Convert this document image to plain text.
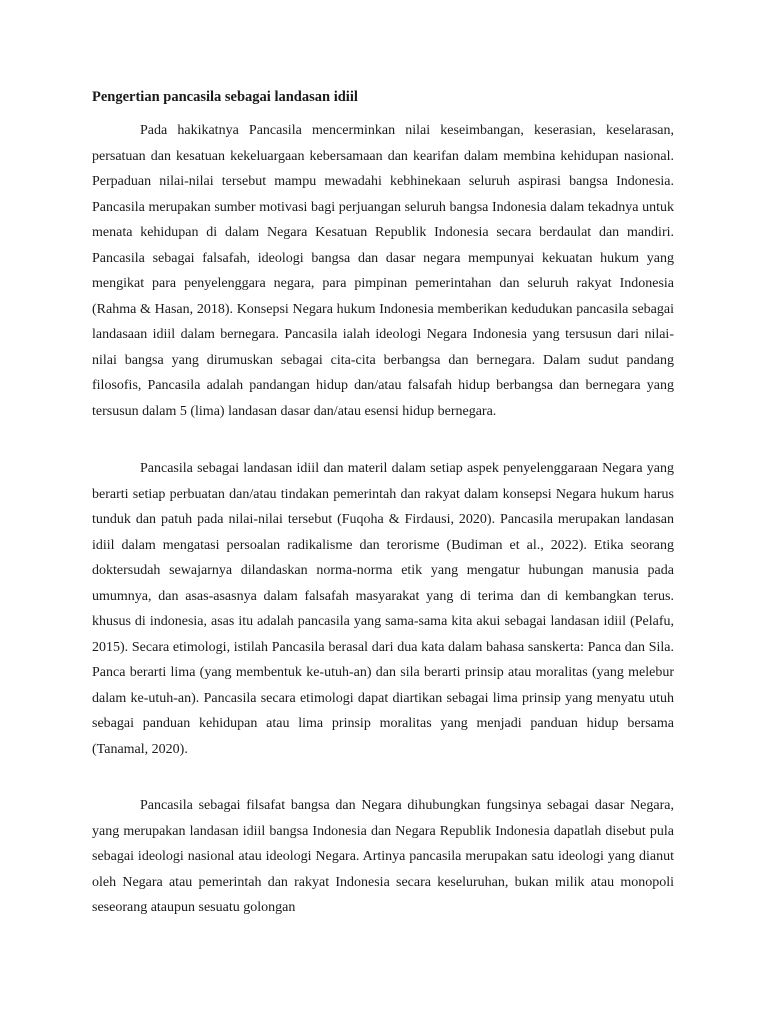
Pengertian pancasila sebagai landasan idiil

Pada hakikatnya Pancasila mencerminkan nilai keseimbangan, keserasian, keselarasan, persatuan dan kesatuan kekeluargaan kebersamaan dan kearifan dalam membina kehidupan nasional. Perpaduan nilai-nilai tersebut mampu mewadahi kebhinekaan seluruh aspirasi bangsa Indonesia. Pancasila merupakan sumber motivasi bagi perjuangan seluruh bangsa Indonesia dalam tekadnya untuk menata kehidupan di dalam Negara Kesatuan Republik Indonesia secara berdaulat dan mandiri. Pancasila sebagai falsafah, ideologi bangsa dan dasar negara mempunyai kekuatan hukum yang mengikat para penyelenggara negara, para pimpinan pemerintahan dan seluruh rakyat Indonesia (Rahma & Hasan, 2018). Konsepsi Negara hukum Indonesia memberikan kedudukan pancasila sebagai landasaan idiil dalam bernegara. Pancasila ialah ideologi Negara Indonesia yang tersusun dari nilai-nilai bangsa yang dirumuskan sebagai cita-cita berbangsa dan bernegara. Dalam sudut pandang filosofis, Pancasila adalah pandangan hidup dan/atau falsafah hidup berbangsa dan bernegara yang tersusun dalam 5 (lima) landasan dasar dan/atau esensi hidup bernegara.

Pancasila sebagai landasan idiil dan materil dalam setiap aspek penyelenggaraan Negara yang berarti setiap perbuatan dan/atau tindakan pemerintah dan rakyat dalam konsepsi Negara hukum harus tunduk dan patuh pada nilai-nilai tersebut (Fuqoha & Firdausi, 2020). Pancasila merupakan landasan idiil dalam mengatasi persoalan radikalisme dan terorisme (Budiman et al., 2022). Etika seorang doktersudah sewajarnya dilandaskan norma-norma etik yang mengatur hubungan manusia pada umumnya, dan asas-asasnya dalam falsafah masyarakat yang di terima dan di kembangkan terus. khusus di indonesia, asas itu adalah pancasila yang sama-sama kita akui sebagai landasan idiil (Pelafu, 2015). Secara etimologi, istilah Pancasila berasal dari dua kata dalam bahasa sanskerta: Panca dan Sila. Panca berarti lima (yang membentuk ke-utuh-an) dan sila berarti prinsip atau moralitas (yang melebur dalam ke-utuh-an). Pancasila secara etimologi dapat diartikan sebagai lima prinsip yang menyatu utuh sebagai panduan kehidupan atau lima prinsip moralitas yang menjadi panduan hidup bersama (Tanamal, 2020).

Pancasila sebagai filsafat bangsa dan Negara dihubungkan fungsinya sebagai dasar Negara, yang merupakan landasan idiil bangsa Indonesia dan Negara Republik Indonesia dapatlah disebut pula sebagai ideologi nasional atau ideologi Negara. Artinya pancasila merupakan satu ideologi yang dianut oleh Negara atau pemerintah dan rakyat Indonesia secara keseluruhan, bukan milik atau monopoli seseorang ataupun sesuatu golongan
